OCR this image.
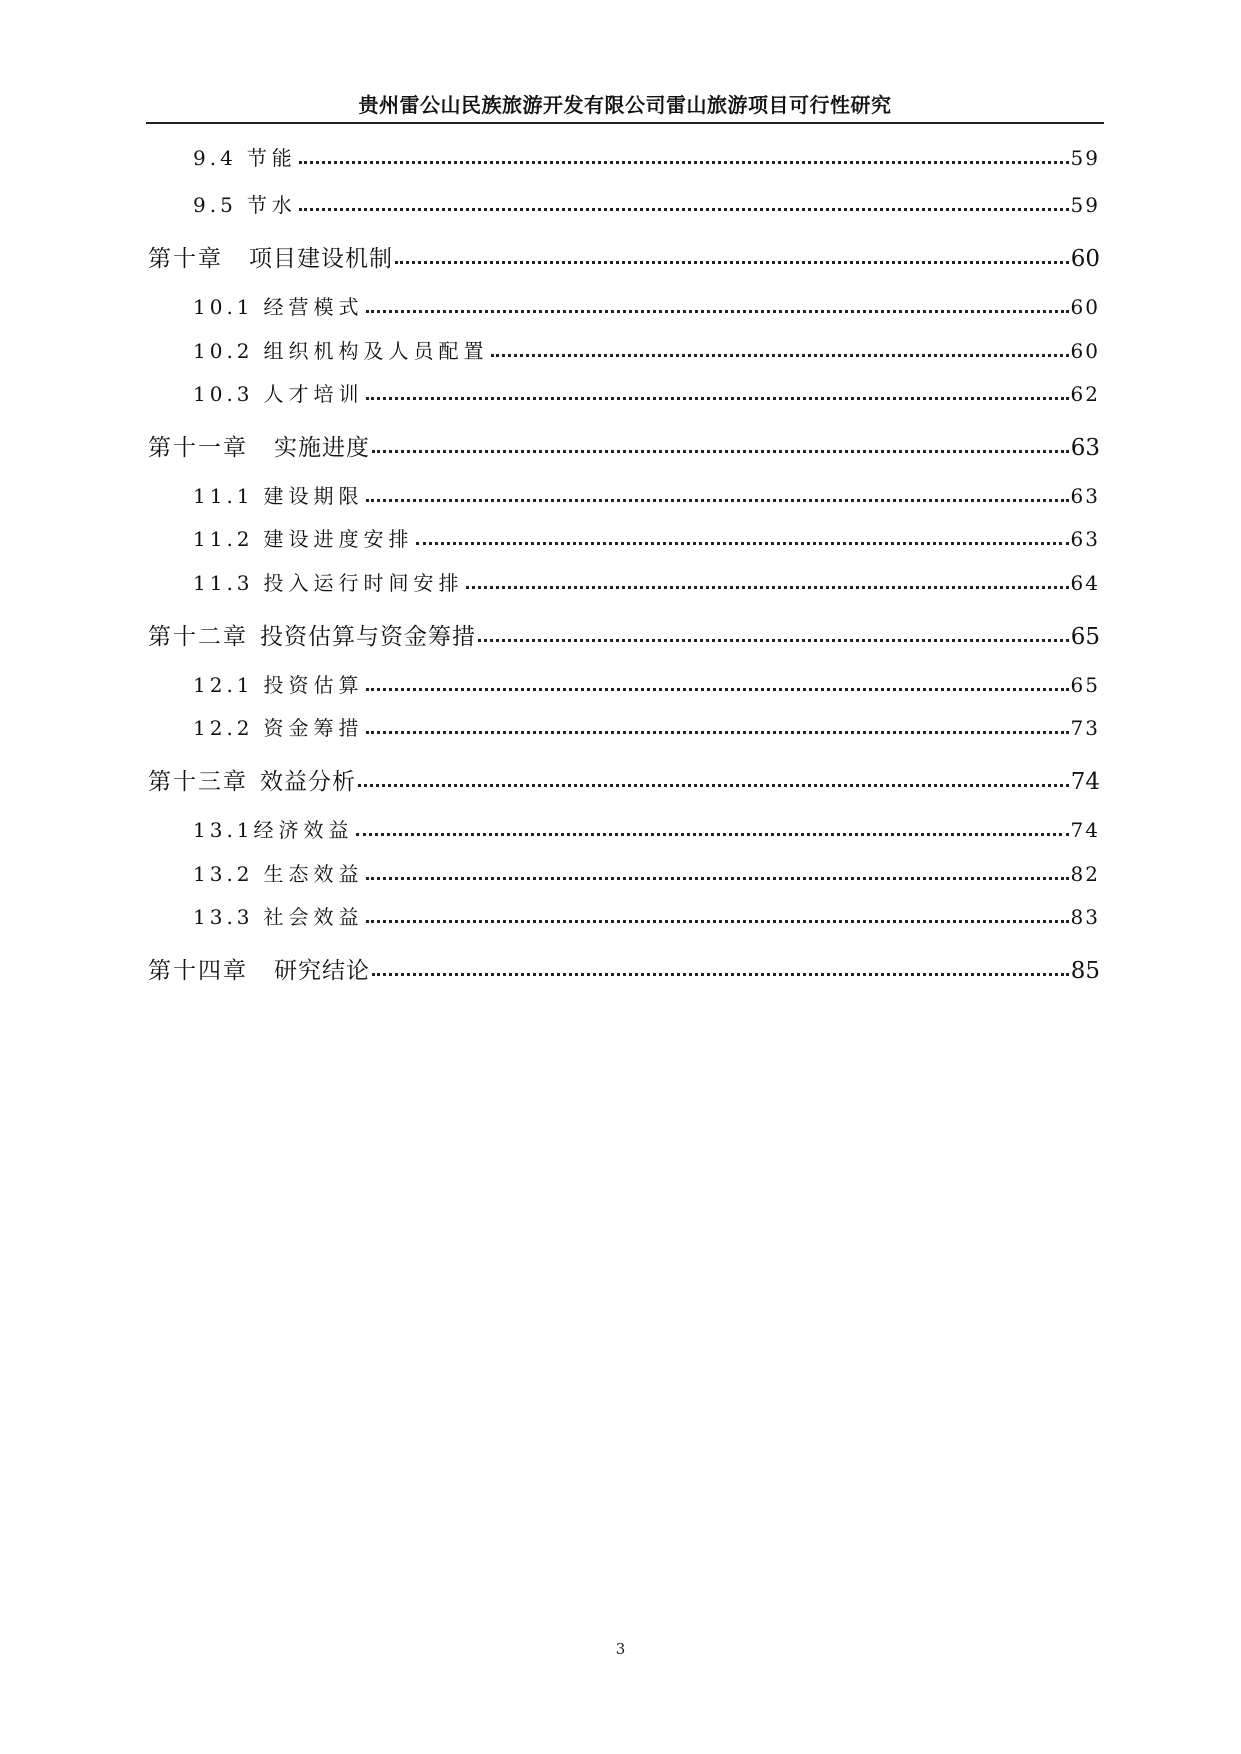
贵州雷公山民族旅游开发有限公司雷山旅游项目可行性研究
9.4 节能	59
9.5 节水	59
第十章 项目建设机制	60
10.1 经营模式	60
10.2 组织机构及人员配置	60
10.3 人才培训	62
第十一章 实施进度	63
11.1 建设期限	63
11.2 建设进度安排	63
11.3 投入运行时间安排	64
第十二章 投资估算与资金筹措	65
12.1 投资估算	65
12.2 资金筹措	73
第十三章 效益分析	74
13.1 经济效益	74
13.2 生态效益	82
13.3 社会效益	83
第十四章 研究结论	85
3
